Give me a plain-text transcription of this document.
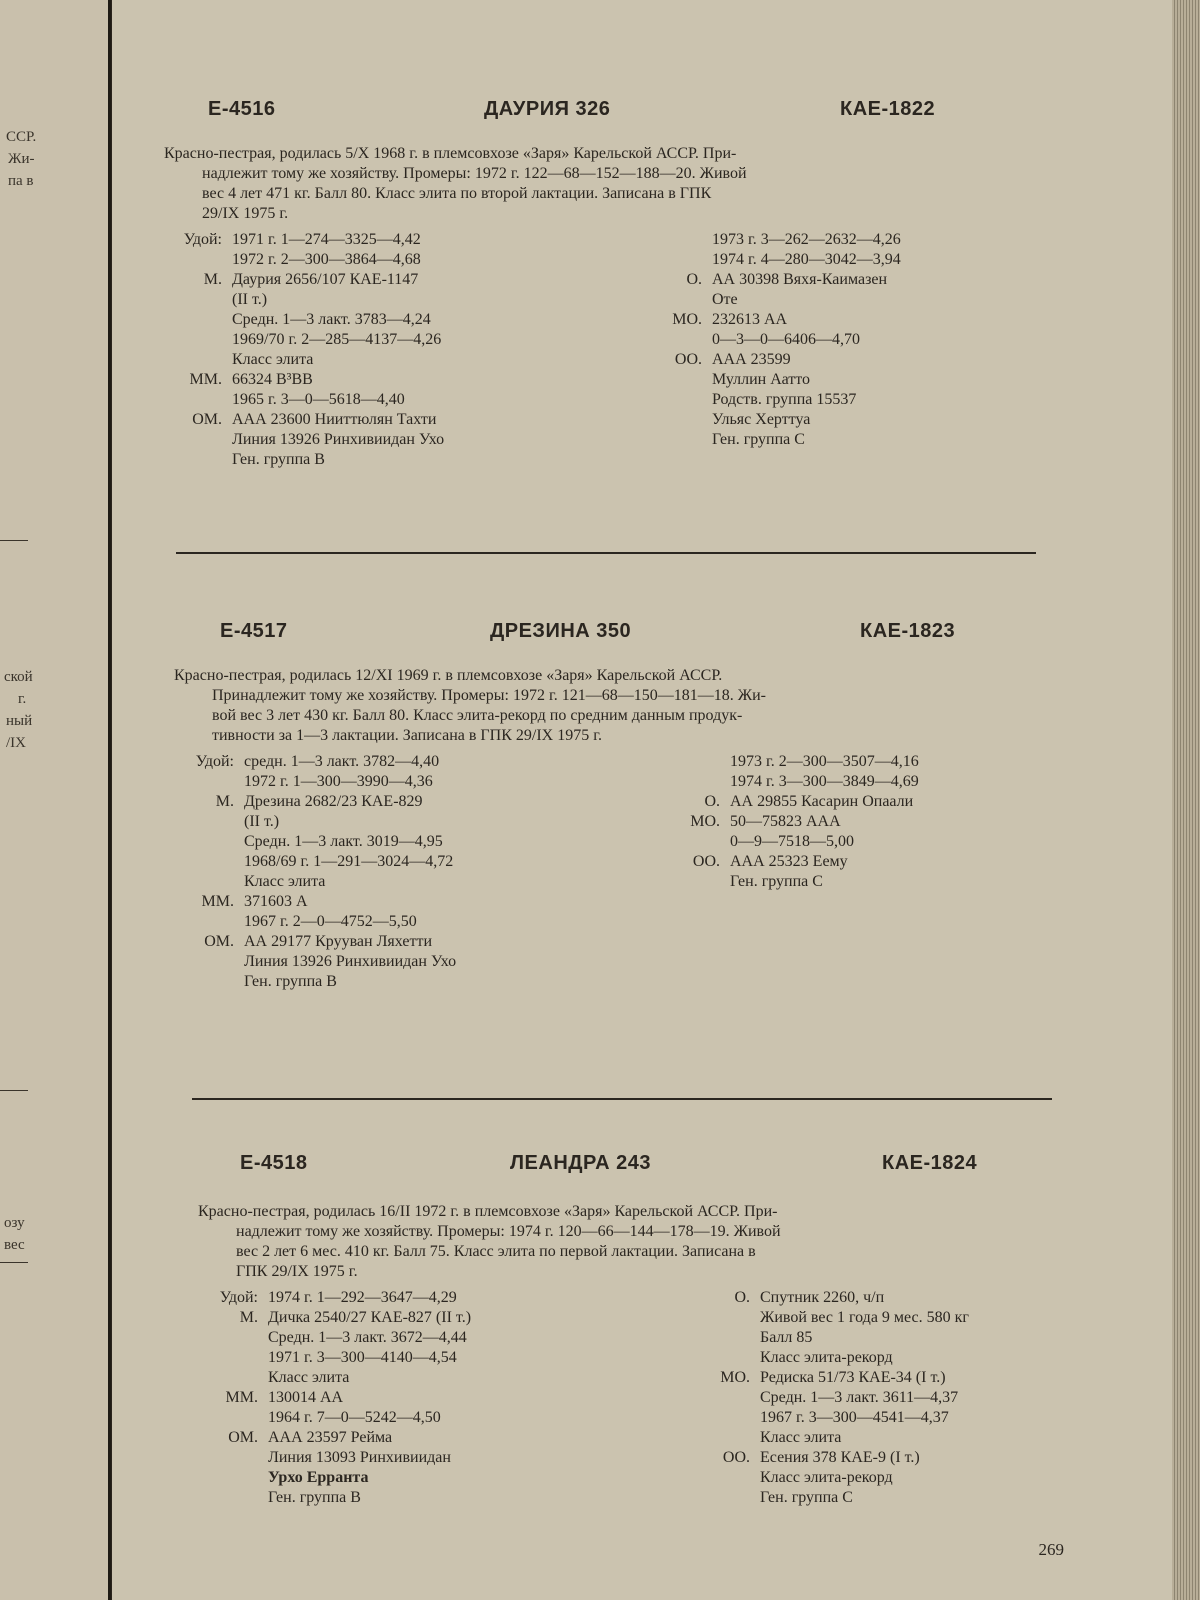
ССР.
Жи-
па в
ской
г.
ный
/IX
озу
вес
Е-4516	ДАУРИЯ 326	КАЕ-1822
Красно-пестрая, родилась 5/X 1968 г. в племсовхозе «Заря» Карельской АССР. При-
надлежит тому же хозяйству. Промеры: 1972 г. 122—68—152—188—20. Живой
вес 4 лет 471 кг. Балл 80. Класс элита по второй лактации. Записана в ГПК
29/IX 1975 г.
Удой: 1971 г. 1—274—3325—4,42
1972 г. 2—300—3864—4,68
М. Даурия 2656/107 КАЕ-1147
(II т.)
Средн. 1—3 лакт. 3783—4,24
1969/70 г. 2—285—4137—4,26
Класс элита
ММ. 66324 В³ВВ
1965 г. 3—0—5618—4,40
ОМ. ААА 23600 Нииттюлян Тахти
Линия 13926 Ринхивиидан Ухо
Ген. группа В
1973 г. 3—262—2632—4,26
1974 г. 4—280—3042—3,94
О. АА 30398 Вяхя-Каимазен
Оте
МО. 232613 АА
0—3—0—6406—4,70
ОО. ААА 23599
Муллин Аатто
Родств. группа 15537
Ульяс Херттуа
Ген. группа С
Е-4517	ДРЕЗИНА 350	КАЕ-1823
Красно-пестрая, родилась 12/XI 1969 г. в племсовхозе «Заря» Карельской АССР.
Принадлежит тому же хозяйству. Промеры: 1972 г. 121—68—150—181—18. Жи-
вой вес 3 лет 430 кг. Балл 80. Класс элита-рекорд по средним данным продук-
тивности за 1—3 лактации. Записана в ГПК 29/IX 1975 г.
Удой: средн. 1—3 лакт. 3782—4,40
1972 г. 1—300—3990—4,36
М. Дрезина 2682/23 КАЕ-829
(II т.)
Средн. 1—3 лакт. 3019—4,95
1968/69 г. 1—291—3024—4,72
Класс элита
ММ. 371603 А
1967 г. 2—0—4752—5,50
ОМ. АА 29177 Крууван Ляхетти
Линия 13926 Ринхивиидан Ухо
Ген. группа В
1973 г. 2—300—3507—4,16
1974 г. 3—300—3849—4,69
О. АА 29855 Касарин Опаали
МО. 50—75823 ААА
0—9—7518—5,00
ОО. ААА 25323 Еему
Ген. группа С
Е-4518	ЛЕАНДРА 243	КАЕ-1824
Красно-пестрая, родилась 16/II 1972 г. в племсовхозе «Заря» Карельской АССР. При-
надлежит тому же хозяйству. Промеры: 1974 г. 120—66—144—178—19. Живой
вес 2 лет 6 мес. 410 кг. Балл 75. Класс элита по первой лактации. Записана в
ГПК 29/IX 1975 г.
Удой: 1974 г. 1—292—3647—4,29
М. Дичка 2540/27 КАЕ-827 (II т.)
Средн. 1—3 лакт. 3672—4,44
1971 г. 3—300—4140—4,54
Класс элита
ММ. 130014 АА
1964 г. 7—0—5242—4,50
ОМ. ААА 23597 Рейма
Линия 13093 Ринхивиидан
Урхо Ерранта
Ген. группа В
О. Спутник 2260, ч/п
Живой вес 1 года 9 мес. 580 кг
Балл 85
Класс элита-рекорд
МО. Редиска 51/73 КАЕ-34 (I т.)
Средн. 1—3 лакт. 3611—4,37
1967 г. 3—300—4541—4,37
Класс элита
ОО. Есения 378 КАЕ-9 (I т.)
Класс элита-рекорд
Ген. группа С
269
